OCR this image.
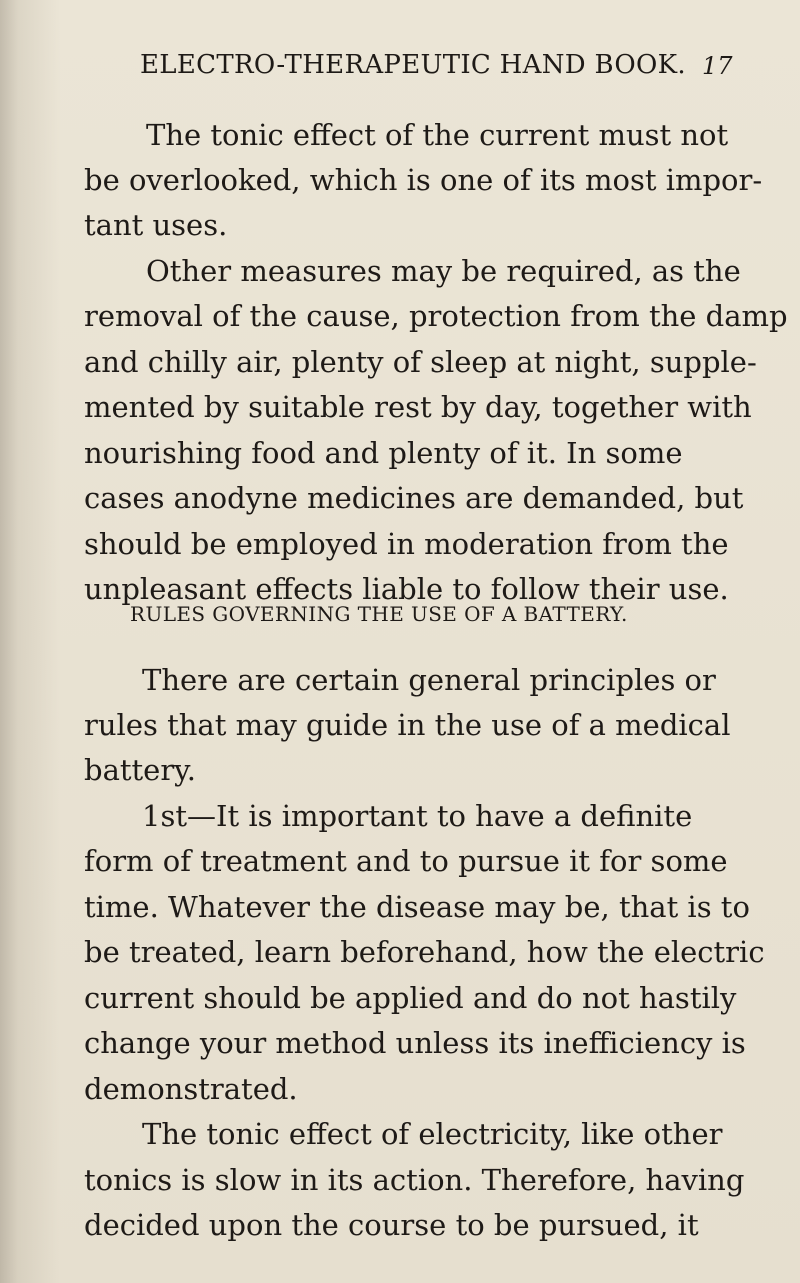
ELECTRO-THERAPEUTIC HAND BOOK. 17
The tonic effect of the current must not
be overlooked, which is one of its most impor-
tant uses.
Other measures may be required, as the
removal of the cause, protection from the damp
and chilly air, plenty of sleep at night, supple-
mented by suitable rest by day, together with
nourishing food and plenty of it. In some
cases anodyne medicines are demanded, but
should be employed in moderation from the
unpleasant effects liable to follow their use.
RULES GOVERNING THE USE OF A BATTERY.
There are certain general principles or
rules that may guide in the use of a medical
battery.
1st—It is important to have a definite
form of treatment and to pursue it for some
time. Whatever the disease may be, that is to
be treated, learn beforehand, how the electric
current should be applied and do not hastily
change your method unless its inefficiency is
demonstrated.
The tonic effect of electricity, like other
tonics is slow in its action. Therefore, having
decided upon the course to be pursued, it
